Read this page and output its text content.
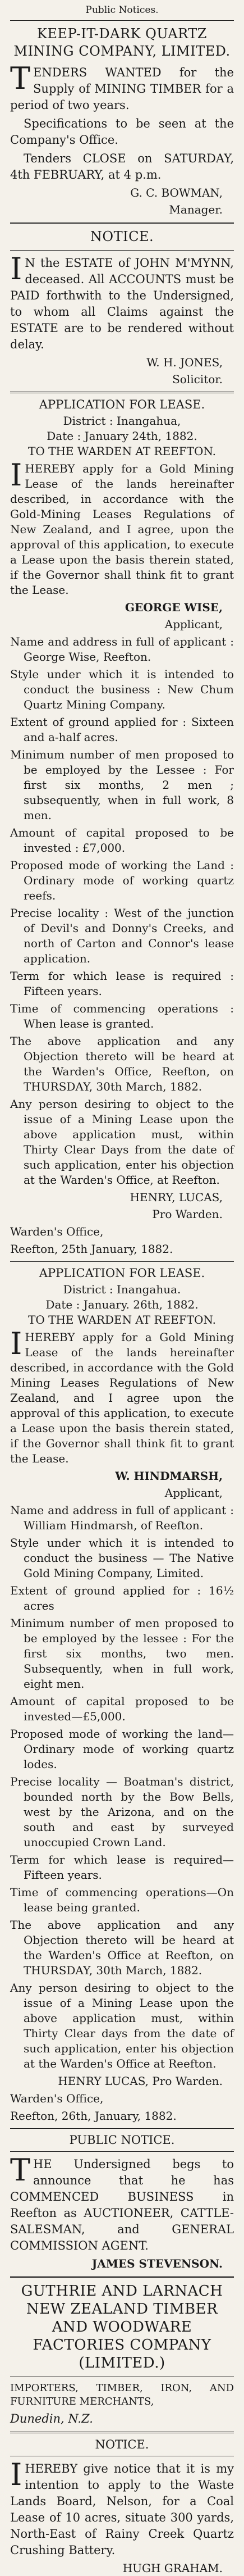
Public Notices.
KEEP-IT-DARK QUARTZ MINING COMPANY, LIMITED.
TENDERS WANTED for the Supply of MINING TIMBER for a period of two years.
Specifications to be seen at the Company's Office.
Tenders CLOSE on SATURDAY, 4th FEBRUARY, at 4 p.m.
G. C. BOWMAN,
Manager.
NOTICE.
IN the ESTATE of JOHN M'MYNN, deceased. All ACCOUNTS must be PAID forthwith to the Undersigned, to whom all Claims against the ESTATE are to be rendered without delay.
W. H. JONES,
Solicitor.
APPLICATION FOR LEASE.
District : Inangahua,
Date : January 24th, 1882.
TO THE WARDEN AT REEFTON.
IHEREBY apply for a Gold Mining Lease of the lands hereinafter described, in accordance with the Gold-Mining Leases Regulations of New Zealand, and I agree, upon the approval of this application, to execute a Lease upon the basis therein stated, if the Governor shall think fit to grant the Lease.
GEORGE WISE,
Applicant,
Name and address in full of applicant : George Wise, Reefton.
Style under which it is intended to conduct the business : New Chum Quartz Mining Company.
Extent of ground applied for : Sixteen and a-half acres.
Minimum number of men proposed to be employed by the Lessee : For first six months, 2 men ; subsequently, when in full work, 8 men.
Amount of capital proposed to be invested : £7,000.
Proposed mode of working the Land : Ordinary mode of working quartz reefs.
Precise locality : West of the junction of Devil's and Donny's Creeks, and north of Carton and Connor's lease application.
Term for which lease is required : Fifteen years.
Time of commencing operations : When lease is granted.
The above application and any Objection thereto will be heard at the Warden's Office, Reefton, on THURSDAY, 30th March, 1882.
Any person desiring to object to the issue of a Mining Lease upon the above application must, within Thirty Clear Days from the date of such application, enter his objection at the Warden's Office, at Reefton.
HENRY, LUCAS,
Pro Warden.
Warden's Office,
Reefton, 25th January, 1882.
APPLICATION FOR LEASE.
District : Inangahua.
Date : January. 26th, 1882.
TO THE WARDEN AT REEFTON.
IHEREBY apply for a Gold Mining Lease of the lands hereinafter described, in accordance with the Gold Mining Leases Regulations of New Zealand, and I agree upon the approval of this application, to execute a Lease upon the basis therein stated, if the Governor shall think fit to grant the Lease.
W. HINDMARSH,
Applicant,
Name and address in full of applicant : William Hindmarsh, of Reefton.
Style under which it is intended to conduct the business — The Native Gold Mining Company, Limited.
Extent of ground applied for : 16½ acres
Minimum number of men proposed to be employed by the lessee : For the first six months, two men. Subsequently, when in full work, eight men.
Amount of capital proposed to be invested—£5,000.
Proposed mode of working the land—Ordinary mode of working quartz lodes.
Precise locality — Boatman's district, bounded north by the Bow Bells, west by the Arizona, and on the south and east by surveyed unoccupied Crown Land.
Term for which lease is required—Fifteen years.
Time of commencing operations—On lease being granted.
The above application and any Objection thereto will be heard at the Warden's Office at Reefton, on THURSDAY, 30th March, 1882.
Any person desiring to object to the issue of a Mining Lease upon the above application must, within Thirty Clear days from the date of such application, enter his objection at the Warden's Office at Reefton.
HENRY LUCAS, Pro Warden.
Warden's Office,
Reefton, 26th, January, 1882.
PUBLIC NOTICE.
THE Undersigned begs to announce that he has COMMENCED BUSINESS in Reefton as AUCTIONEER, CATTLE-SALESMAN, and GENERAL COMMISSION AGENT.
JAMES STEVENSON.
GUTHRIE AND LARNACH NEW ZEALAND TIMBER AND WOODWARE FACTORIES COMPANY (LIMITED.)
IMPORTERS, TIMBER, IRON, AND FURNITURE MERCHANTS,
Dunedin, N.Z.
NOTICE.
IHEREBY give notice that it is my intention to apply to the Waste Lands Board, Nelson, for a Coal Lease of 10 acres, situate 300 yards, North-East of Rainy Creek Quartz Crushing Battery.
HUGH GRAHAM.
